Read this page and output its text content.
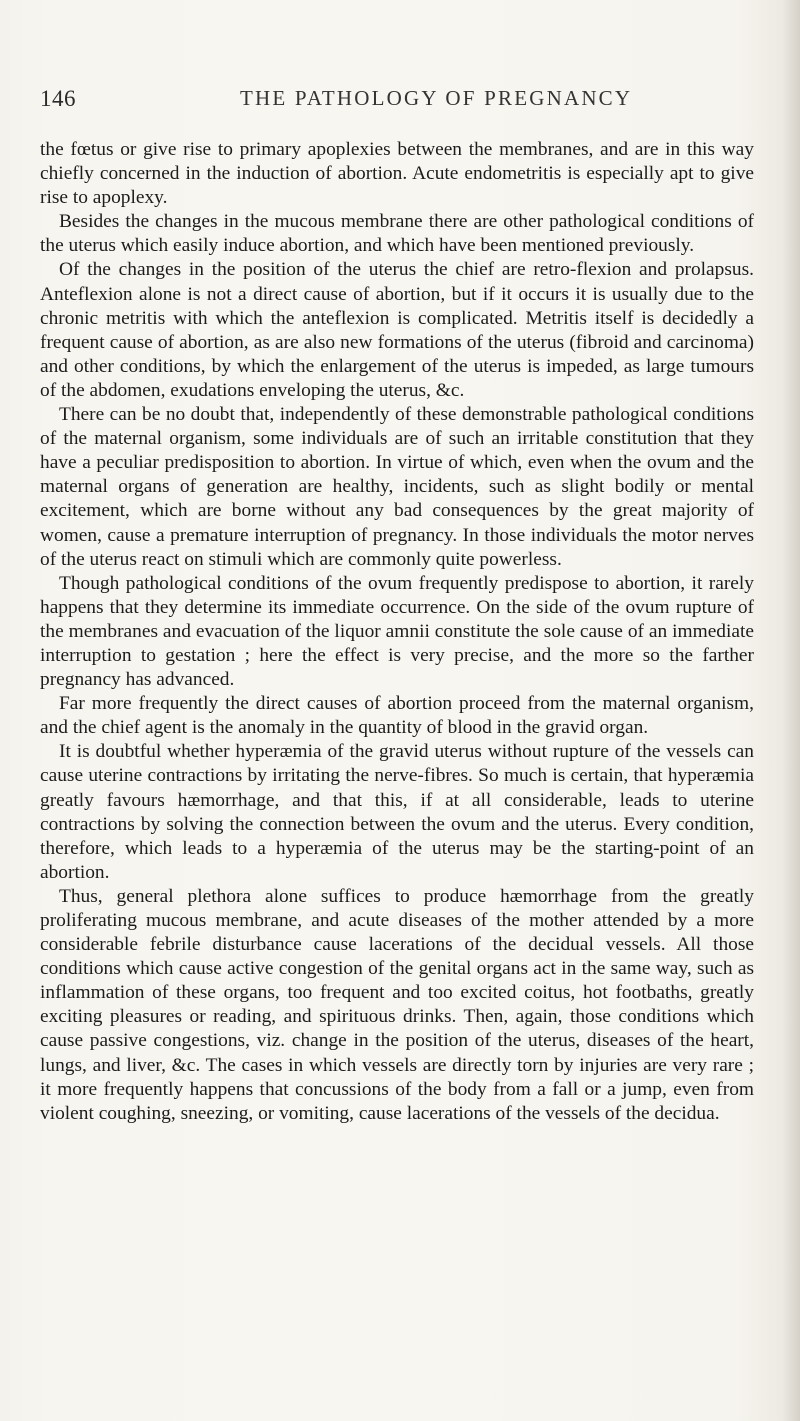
146	THE PATHOLOGY OF PREGNANCY

the fœtus or give rise to primary apoplexies between the membranes, and are in this way chiefly concerned in the induction of abortion. Acute endometritis is especially apt to give rise to apoplexy.

Besides the changes in the mucous membrane there are other pathological conditions of the uterus which easily induce abortion, and which have been mentioned previously.

Of the changes in the position of the uterus the chief are retro-flexion and prolapsus. Anteflexion alone is not a direct cause of abortion, but if it occurs it is usually due to the chronic metritis with which the anteflexion is complicated. Metritis itself is decidedly a frequent cause of abortion, as are also new formations of the uterus (fibroid and carcinoma) and other conditions, by which the enlargement of the uterus is impeded, as large tumours of the abdomen, exudations enveloping the uterus, &c.

There can be no doubt that, independently of these demonstrable pathological conditions of the maternal organism, some individuals are of such an irritable constitution that they have a peculiar predisposition to abortion. In virtue of which, even when the ovum and the maternal organs of generation are healthy, incidents, such as slight bodily or mental excitement, which are borne without any bad consequences by the great majority of women, cause a premature interruption of pregnancy. In those individuals the motor nerves of the uterus react on stimuli which are commonly quite powerless.

Though pathological conditions of the ovum frequently predispose to abortion, it rarely happens that they determine its immediate occurrence. On the side of the ovum rupture of the membranes and evacuation of the liquor amnii constitute the sole cause of an immediate interruption to gestation ; here the effect is very precise, and the more so the farther pregnancy has advanced.

Far more frequently the direct causes of abortion proceed from the maternal organism, and the chief agent is the anomaly in the quantity of blood in the gravid organ.

It is doubtful whether hyperæmia of the gravid uterus without rupture of the vessels can cause uterine contractions by irritating the nerve-fibres. So much is certain, that hyperæmia greatly favours hæmorrhage, and that this, if at all considerable, leads to uterine contractions by solving the connection between the ovum and the uterus. Every condition, therefore, which leads to a hyperæmia of the uterus may be the starting-point of an abortion.

Thus, general plethora alone suffices to produce hæmorrhage from the greatly proliferating mucous membrane, and acute diseases of the mother attended by a more considerable febrile disturbance cause lacerations of the decidual vessels. All those conditions which cause active congestion of the genital organs act in the same way, such as inflammation of these organs, too frequent and too excited coitus, hot footbaths, greatly exciting pleasures or reading, and spirituous drinks. Then, again, those conditions which cause passive congestions, viz. change in the position of the uterus, diseases of the heart, lungs, and liver, &c. The cases in which vessels are directly torn by injuries are very rare ; it more frequently happens that concussions of the body from a fall or a jump, even from violent coughing, sneezing, or vomiting, cause lacerations of the vessels of the decidua.
